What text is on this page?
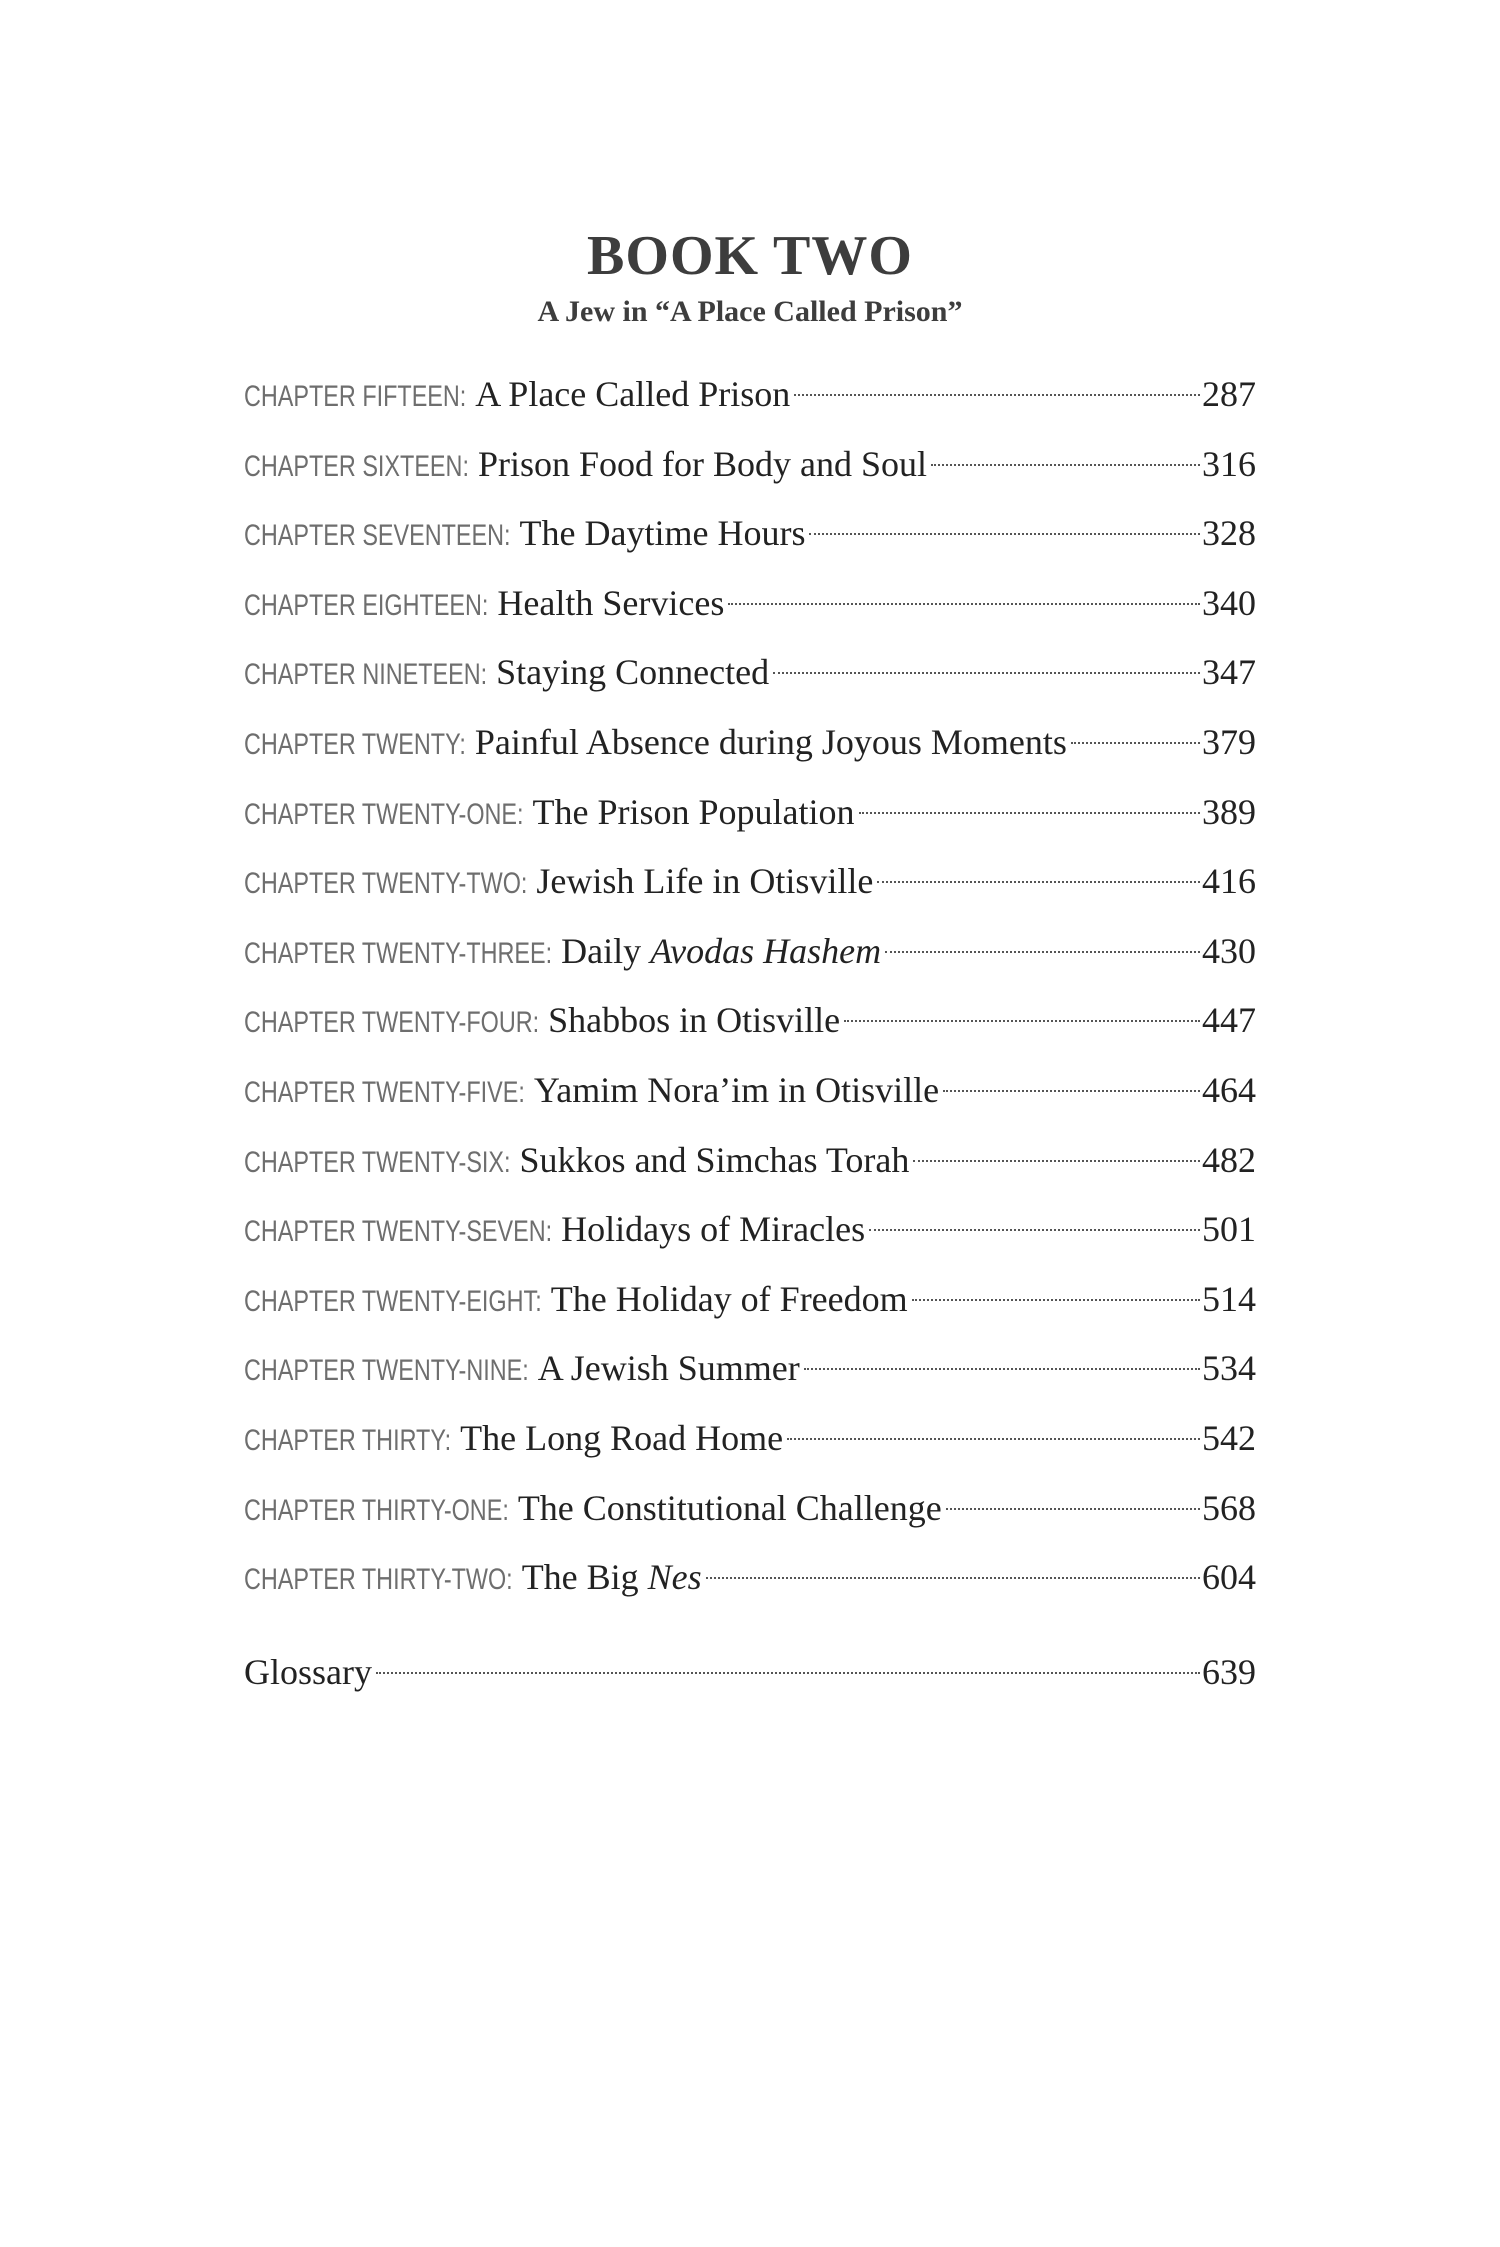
BOOK TWO
A Jew in “A Place Called Prison”
CHAPTER FIFTEEN: A Place Called Prison	287
CHAPTER SIXTEEN: Prison Food for Body and Soul	316
CHAPTER SEVENTEEN: The Daytime Hours	328
CHAPTER EIGHTEEN: Health Services	340
CHAPTER NINETEEN: Staying Connected	347
CHAPTER TWENTY: Painful Absence during Joyous Moments	379
CHAPTER TWENTY-ONE: The Prison Population	389
CHAPTER TWENTY-TWO: Jewish Life in Otisville	416
CHAPTER TWENTY-THREE: Daily Avodas Hashem	430
CHAPTER TWENTY-FOUR: Shabbos in Otisville	447
CHAPTER TWENTY-FIVE: Yamim Nora’im in Otisville	464
CHAPTER TWENTY-SIX: Sukkos and Simchas Torah	482
CHAPTER TWENTY-SEVEN: Holidays of Miracles	501
CHAPTER TWENTY-EIGHT: The Holiday of Freedom	514
CHAPTER TWENTY-NINE: A Jewish Summer	534
CHAPTER THIRTY: The Long Road Home	542
CHAPTER THIRTY-ONE: The Constitutional Challenge	568
CHAPTER THIRTY-TWO: The Big Nes	604
Glossary	639
